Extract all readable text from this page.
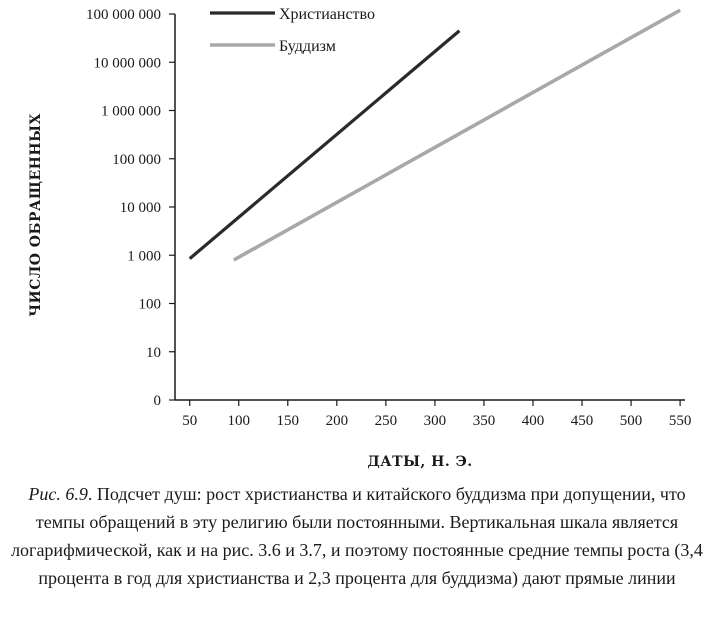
0
10
100
1 000
10 000
100 000
1 000 000
10 000 000
100 000 000
50 100 150 200 250 300 350 400 450 500 550
Христианство
Буддизм
ЧИСЛО ОБРАЩЕННЫХ
ДАТЫ, Н. Э.
Рис. 6.9. Подсчет душ: рост христианства и китайского буддизма при допущении, что темпы обращений в эту религию были постоянными. Вертикальная шкала является логарифмической, как и на рис. 3.6 и 3.7, и поэтому постоянные средние темпы роста (3,4 процента в год для христианства и 2,3 процента для буддизма) дают прямые линии
